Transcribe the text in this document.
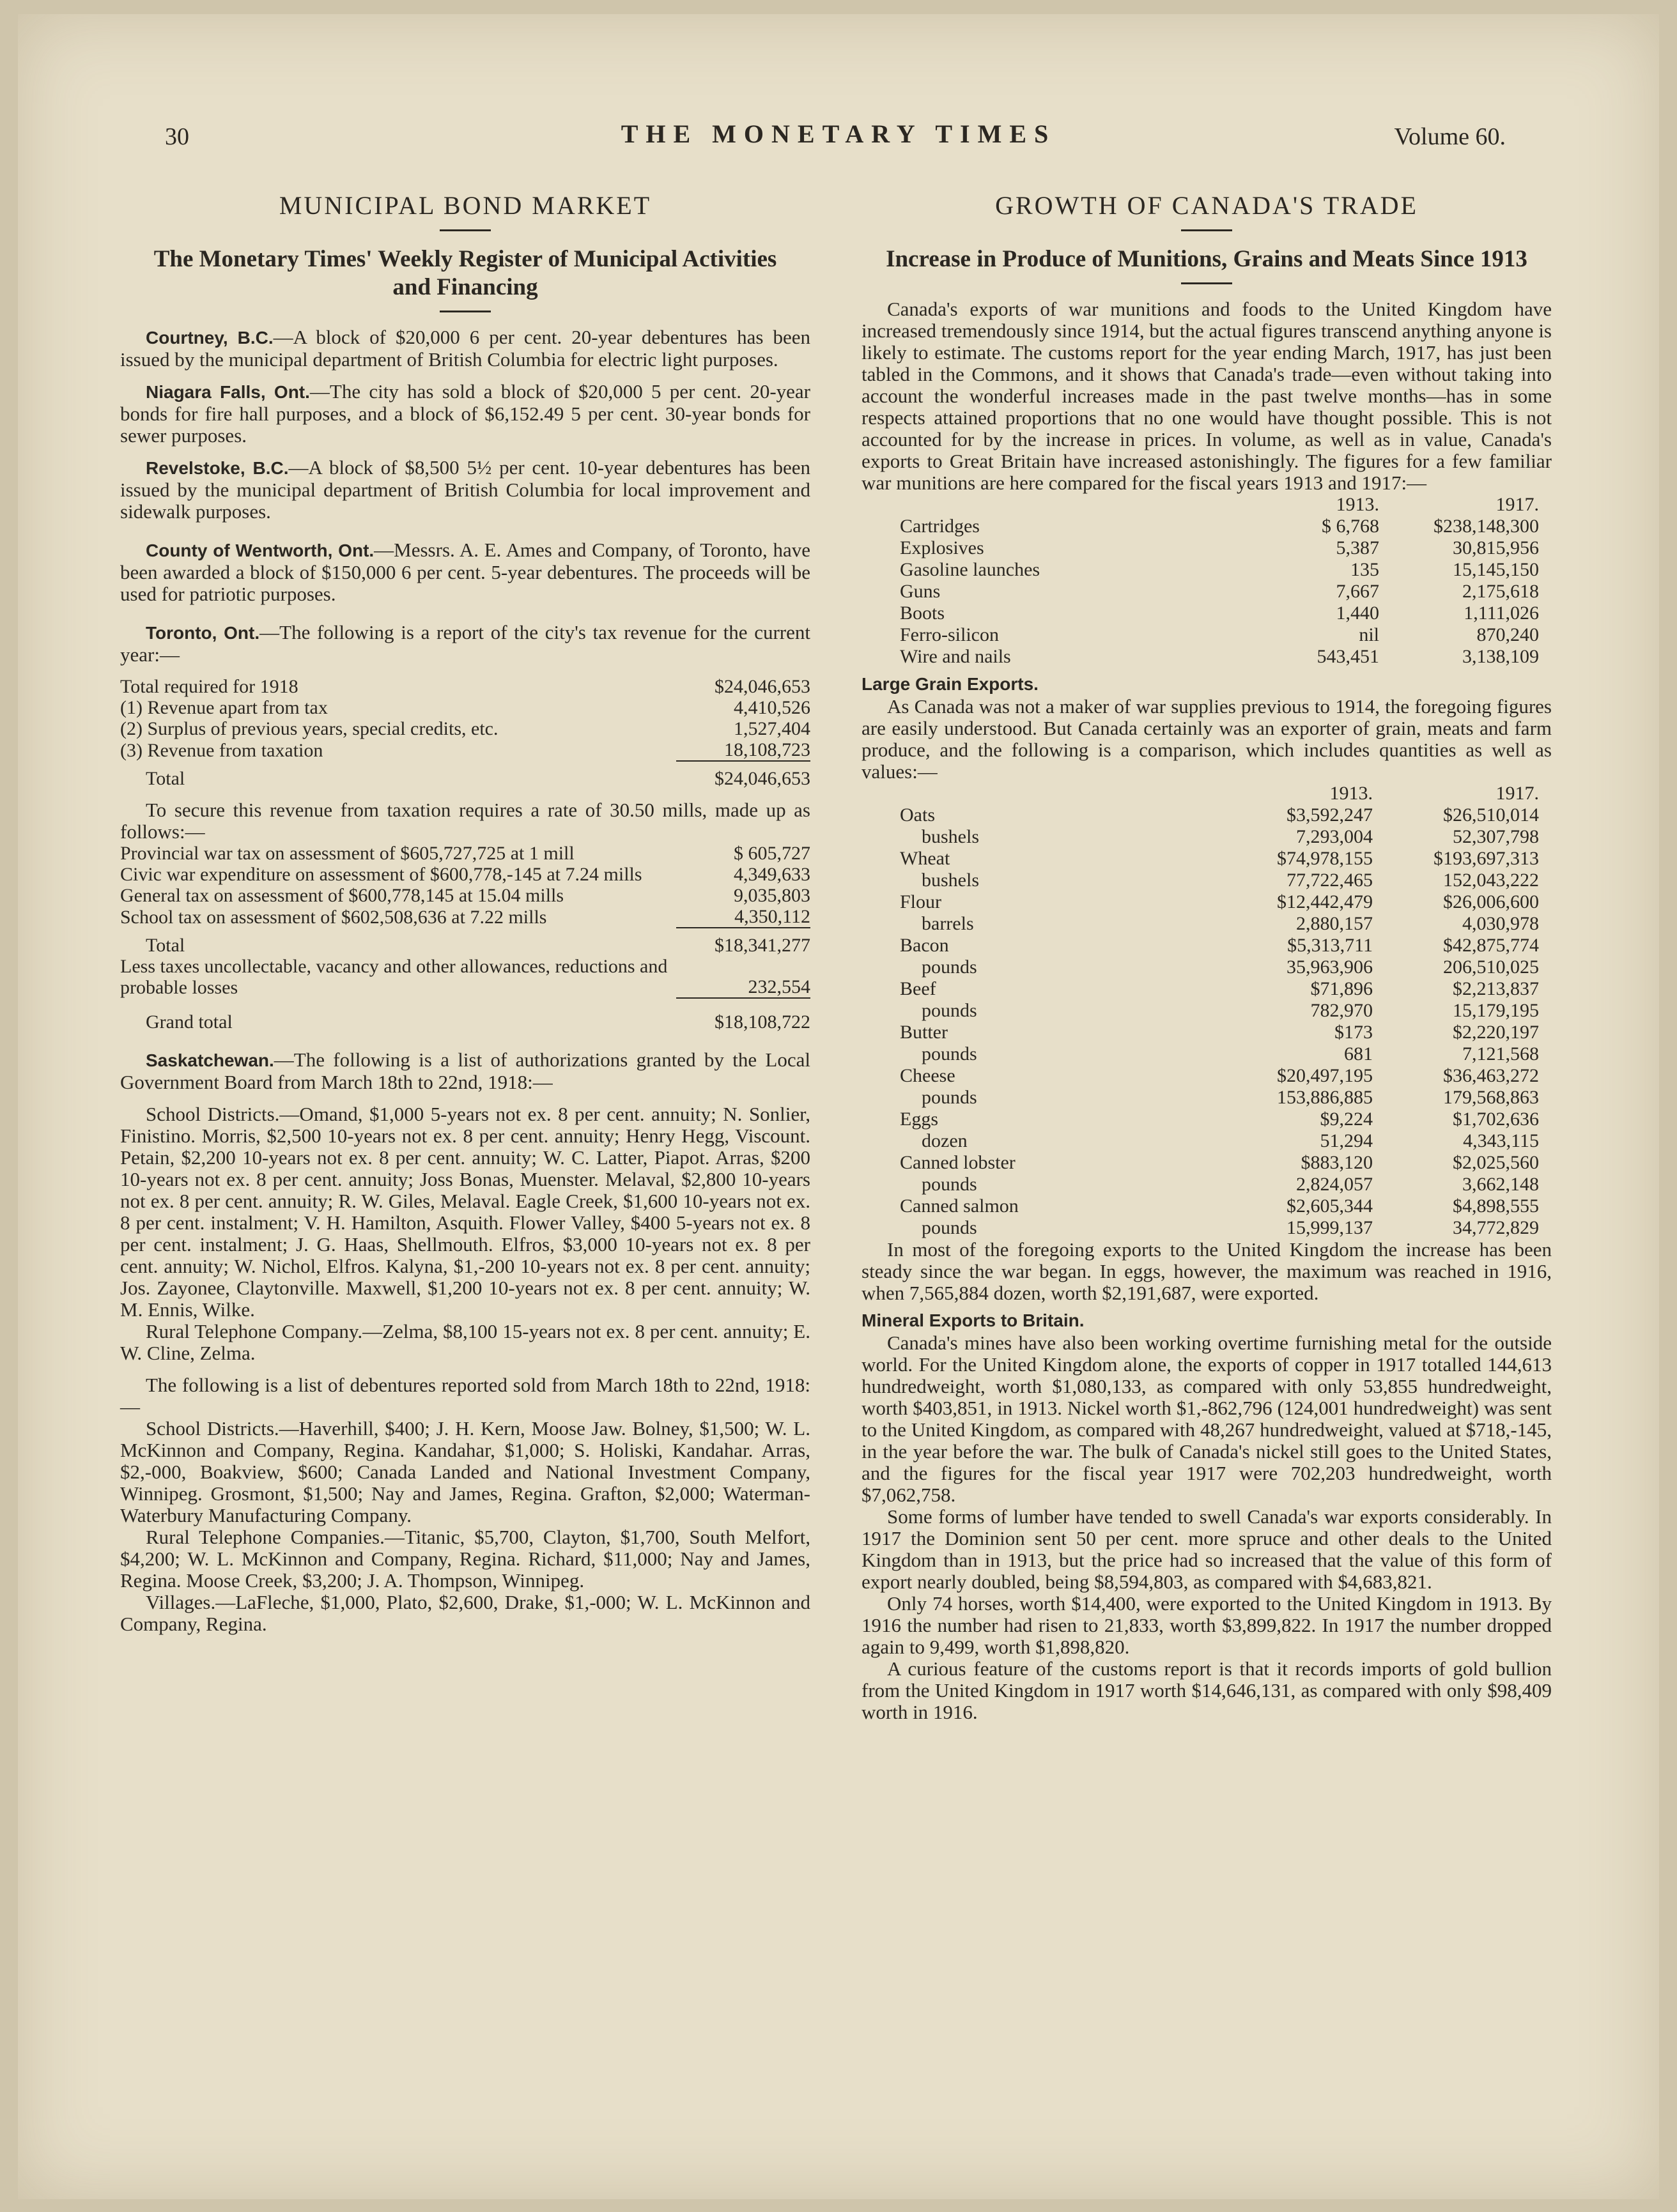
30	THE MONETARY TIMES	Volume 60.
MUNICIPAL BOND MARKET
The Monetary Times' Weekly Register of Municipal Activities and Financing

Courtney, B.C.—A block of $20,000 6 per cent. 20-year debentures has been issued by the municipal department of British Columbia for electric light purposes.

Niagara Falls, Ont.—The city has sold a block of $20,000 5 per cent. 20-year bonds for fire hall purposes, and a block of $6,152.49 5 per cent. 30-year bonds for sewer purposes.

Revelstoke, B.C.—A block of $8,500 5½ per cent. 10-year debentures has been issued by the municipal department of British Columbia for local improvement and sidewalk purposes.

County of Wentworth, Ont.—Messrs. A. E. Ames and Company, of Toronto, have been awarded a block of $150,000 6 per cent. 5-year debentures. The proceeds will be used for patriotic purposes.

Toronto, Ont.—The following is a report of the city's tax revenue for the current year:—

Total required for 1918	$24,046,653
(1) Revenue apart from tax	4,410,526
(2) Surplus of previous years, special credits, etc.	1,527,404
(3) Revenue from taxation	18,108,723
Total	$24,046,653

To secure this revenue from taxation requires a rate of 30.50 mills, made up as follows:—

Provincial war tax on assessment of $605,727,725 at 1 mill	$ 605,727
Civic war expenditure on assessment of $600,778,-145 at 7.24 mills	4,349,633
General tax on assessment of $600,778,145 at 15.04 mills	9,035,803
School tax on assessment of $602,508,636 at 7.22 mills	4,350,112
Total	$18,341,277
Less taxes uncollectable, vacancy and other allowances, reductions and probable losses	232,554
Grand total	$18,108,722

Saskatchewan.—The following is a list of authorizations granted by the Local Government Board from March 18th to 22nd, 1918:—

School Districts.—Omand, $1,000 5-years not ex. 8 per cent. annuity; N. Sonlier, Finistino. Morris, $2,500 10-years not ex. 8 per cent. annuity; Henry Hegg, Viscount. Petain, $2,200 10-years not ex. 8 per cent. annuity; W. C. Latter, Piapot. Arras, $200 10-years not ex. 8 per cent. annuity; Joss Bonas, Muenster. Melaval, $2,800 10-years not ex. 8 per cent. annuity; R. W. Giles, Melaval. Eagle Creek, $1,600 10-years not ex. 8 per cent. instalment; V. H. Hamilton, Asquith. Flower Valley, $400 5-years not ex. 8 per cent. instalment; J. G. Haas, Shellmouth. Elfros, $3,000 10-years not ex. 8 per cent. annuity; W. Nichol, Elfros. Kalyna, $1,-200 10-years not ex. 8 per cent. annuity; Jos. Zayonee, Claytonville. Maxwell, $1,200 10-years not ex. 8 per cent. annuity; W. M. Ennis, Wilke.

Rural Telephone Company.—Zelma, $8,100 15-years not ex. 8 per cent. annuity; E. W. Cline, Zelma.

The following is a list of debentures reported sold from March 18th to 22nd, 1918:—

School Districts.—Haverhill, $400; J. H. Kern, Moose Jaw. Bolney, $1,500; W. L. McKinnon and Company, Regina. Kandahar, $1,000; S. Holiski, Kandahar. Arras, $2,-000, Boakview, $600; Canada Landed and National Investment Company, Winnipeg. Grosmont, $1,500; Nay and James, Regina. Grafton, $2,000; Waterman-Waterbury Manufacturing Company.

Rural Telephone Companies.—Titanic, $5,700, Clayton, $1,700, South Melfort, $4,200; W. L. McKinnon and Company, Regina. Richard, $11,000; Nay and James, Regina. Moose Creek, $3,200; J. A. Thompson, Winnipeg.

Villages.—LaFleche, $1,000, Plato, $2,600, Drake, $1,-000; W. L. McKinnon and Company, Regina.

GROWTH OF CANADA'S TRADE
Increase in Produce of Munitions, Grains and Meats Since 1913

Canada's exports of war munitions and foods to the United Kingdom have increased tremendously since 1914, but the actual figures transcend anything anyone is likely to estimate. The customs report for the year ending March, 1917, has just been tabled in the Commons, and it shows that Canada's trade—even without taking into account the wonderful increases made in the past twelve months—has in some respects attained proportions that no one would have thought possible. This is not accounted for by the increase in prices. In volume, as well as in value, Canada's exports to Great Britain have increased astonishingly. The figures for a few familiar war munitions are here compared for the fiscal years 1913 and 1917:—

	1913.	1917.
Cartridges	$ 6,768	$238,148,300
Explosives	5,387	30,815,956
Gasoline launches	135	15,145,150
Guns	7,667	2,175,618
Boots	1,440	1,111,026
Ferro-silicon	nil	870,240
Wire and nails	543,451	3,138,109
Large Grain Exports.

As Canada was not a maker of war supplies previous to 1914, the foregoing figures are easily understood. But Canada certainly was an exporter of grain, meats and farm produce, and the following is a comparison, which includes quantities as well as values:—

	1913.	1917.
Oats	$3,592,247	$26,510,014
bushels	7,293,004	52,307,798
Wheat	$74,978,155	$193,697,313
bushels	77,722,465	152,043,222
Flour	$12,442,479	$26,006,600
barrels	2,880,157	4,030,978
Bacon	$5,313,711	$42,875,774
pounds	35,963,906	206,510,025
Beef	$71,896	$2,213,837
pounds	782,970	15,179,195
Butter	$173	$2,220,197
pounds	681	7,121,568
Cheese	$20,497,195	$36,463,272
pounds	153,886,885	179,568,863
Eggs	$9,224	$1,702,636
dozen	51,294	4,343,115
Canned lobster	$883,120	$2,025,560
pounds	2,824,057	3,662,148
Canned salmon	$2,605,344	$4,898,555
pounds	15,999,137	34,772,829

In most of the foregoing exports to the United Kingdom the increase has been steady since the war began. In eggs, however, the maximum was reached in 1916, when 7,565,884 dozen, worth $2,191,687, were exported.

Mineral Exports to Britain.

Canada's mines have also been working overtime furnishing metal for the outside world. For the United Kingdom alone, the exports of copper in 1917 totalled 144,613 hundredweight, worth $1,080,133, as compared with only 53,855 hundredweight, worth $403,851, in 1913. Nickel worth $1,-862,796 (124,001 hundredweight) was sent to the United Kingdom, as compared with 48,267 hundredweight, valued at $718,-145, in the year before the war. The bulk of Canada's nickel still goes to the United States, and the figures for the fiscal year 1917 were 702,203 hundredweight, worth $7,062,758.

Some forms of lumber have tended to swell Canada's war exports considerably. In 1917 the Dominion sent 50 per cent. more spruce and other deals to the United Kingdom than in 1913, but the price had so increased that the value of this form of export nearly doubled, being $8,594,803, as compared with $4,683,821.

Only 74 horses, worth $14,400, were exported to the United Kingdom in 1913. By 1916 the number had risen to 21,833, worth $3,899,822. In 1917 the number dropped again to 9,499, worth $1,898,820.

A curious feature of the customs report is that it records imports of gold bullion from the United Kingdom in 1917 worth $14,646,131, as compared with only $98,409 worth in 1916.
